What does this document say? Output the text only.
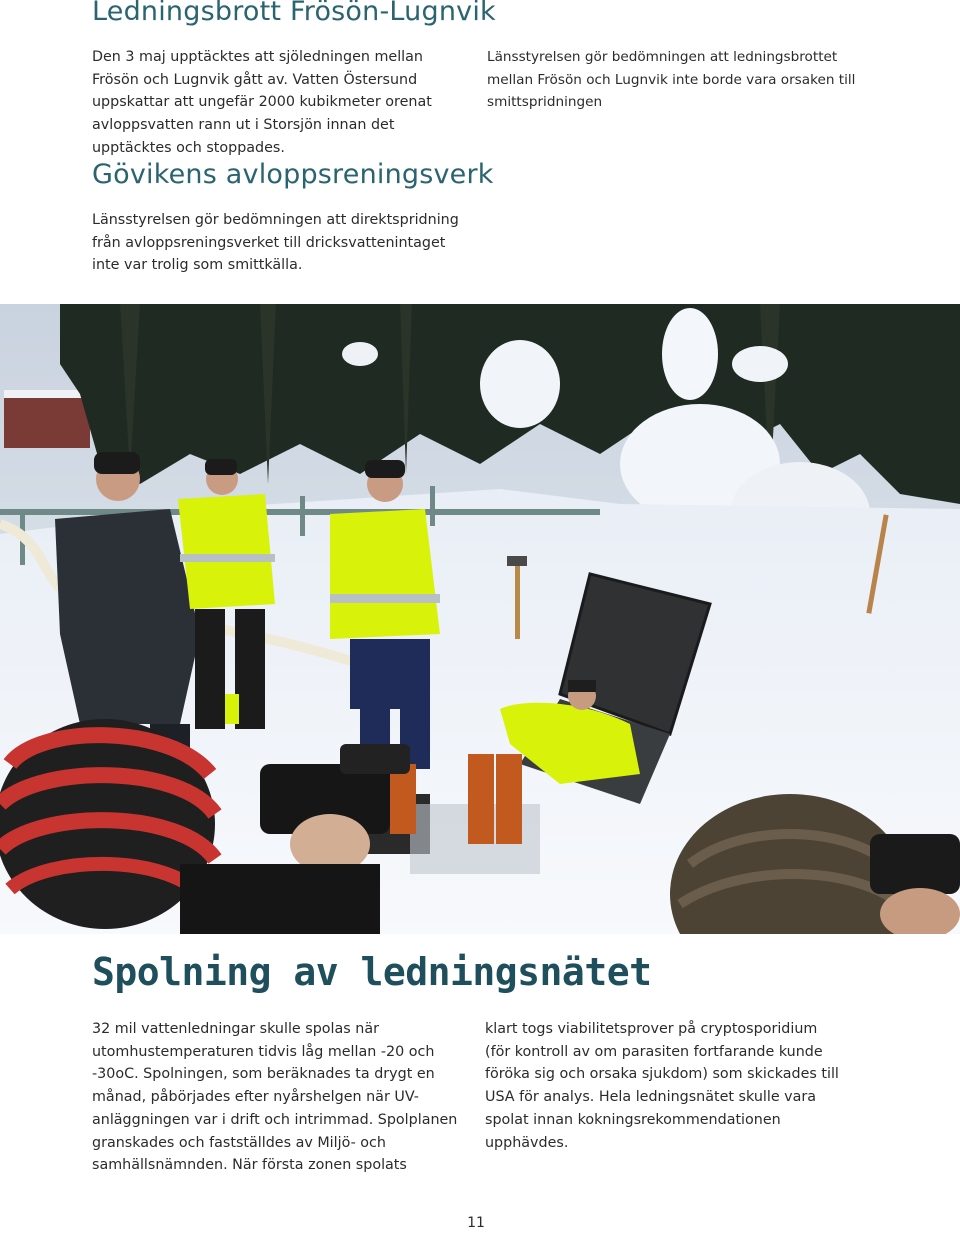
Ledningsbrott Frösön-Lugnvik

Den 3 maj upptäcktes att sjöledningen mellan Frösön och Lugnvik gått av. Vatten Östersund uppskattar att ungefär 2000 kubikmeter orenat avloppsvatten rann ut i Storsjön innan det upptäcktes och stoppades.

Länsstyrelsen gör bedömningen att ledningsbrottet mellan Frösön och Lugnvik inte borde vara orsaken till smittspridningen

Gövikens avloppsreningsverk

Länsstyrelsen gör bedömningen att direktspridning från avloppsreningsverket till dricksvattenintaget inte var trolig som smittkälla.

Spolning av ledningsnätet

32 mil vattenledningar skulle spolas när utomhustemperaturen tidvis låg mellan -20 och -30oC. Spolningen, som beräknades ta drygt en månad, påbörjades efter nyårshelgen när UV-anläggningen var i drift och intrimmad. Spolplanen granskades och fastställdes av Miljö- och samhällsnämnden. När första zonen spolats

klart togs viabilitetsprover på cryptosporidium (för kontroll av om parasiten fortfarande kunde föröka sig och orsaka sjukdom) som skickades till USA för analys. Hela ledningsnätet skulle vara spolat innan kokningsrekommendationen upphävdes.

11
